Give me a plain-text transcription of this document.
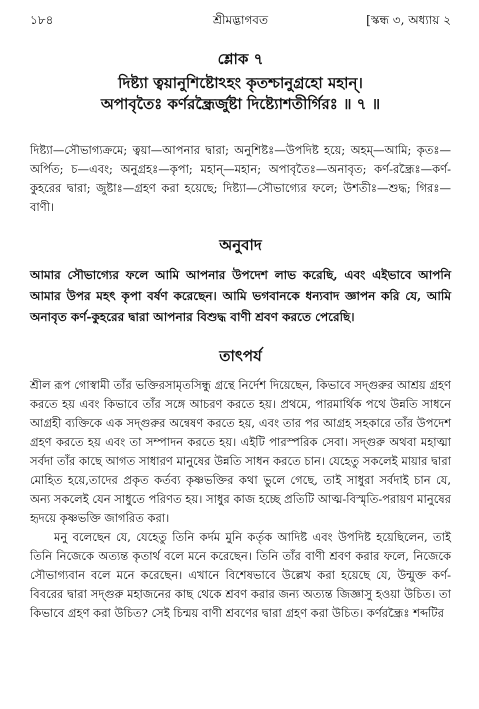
১৮৪	শ্রীমদ্ভাগবত	[স্কন্ধ ৩, অধ্যায় ২
শ্লোক ৭
দিষ্ট্যা ত্বয়ানুশিষ্টোঽহং কৃতশ্চানুগ্রহো মহান্।
অপাবৃতৈঃ কর্ণরন্ধ্রৈর্জুষ্টা দিষ্ট্যোশতীর্গিরঃ ॥ ৭ ॥
দিষ্ট্যা—সৌভাগ্যক্রমে; ত্বয়া—আপনার দ্বারা; অনুশিষ্টঃ—উপদিষ্ট হয়ে; অহম্—আমি; কৃতঃ—অর্পিত; চ—এবং; অনুগ্রহঃ—কৃপা; মহান্—মহান; অপাবৃতৈঃ—অনাবৃত; কর্ণ-রন্ধ্রৈঃ—কর্ণ-কুহরের দ্বারা; জুষ্টাঃ—গ্রহণ করা হয়েছে; দিষ্ট্যা—সৌভাগ্যের ফলে; উশতীঃ—শুদ্ধ; গিরঃ—বাণী।
অনুবাদ
আমার সৌভাগ্যের ফলে আমি আপনার উপদেশ লাভ করেছি, এবং এইভাবে আপনি আমার উপর মহৎ কৃপা বর্ষণ করেছেন। আমি ভগবানকে ধন্যবাদ জ্ঞাপন করি যে, আমি অনাবৃত কর্ণ-কুহরের দ্বারা আপনার বিশুদ্ধ বাণী শ্রবণ করতে পেরেছি।
তাৎপর্য

শ্রীল রূপ গোস্বামী তাঁর ভক্তিরসামৃতসিন্ধু গ্রন্থে নির্দেশ দিয়েছেন, কিভাবে সদ্গুরুর আশ্রয় গ্রহণ করতে হয় এবং কিভাবে তাঁর সঙ্গে আচরণ করতে হয়। প্রথমে, পারমার্থিক পথে উন্নতি সাধনে আগ্রহী ব্যক্তিকে এক সদ্গুরুর অন্বেষণ করতে হয়, এবং তার পর আগ্রহ সহকারে তাঁর উপদেশ গ্রহণ করতে হয় এবং তা সম্পাদন করতে হয়। এইটি পারস্পরিক সেবা। সদ্গুরু অথবা মহাত্মা সর্বদা তাঁর কাছে আগত সাধারণ মানুষের উন্নতি সাধন করতে চান। যেহেতু সকলেই মায়ার দ্বারা মোহিত হয়ে,তাদের প্রকৃত কর্তব্য কৃষ্ণভক্তির কথা ভুলে গেছে, তাই সাধুরা সর্বদাই চান যে, অন্য সকলেই যেন সাধুতে পরিণত হয়। সাধুর কাজ হচ্ছে প্রতিটি আত্ম-বিস্মৃতি-পরায়ণ মানুষের হৃদয়ে কৃষ্ণভক্তি জাগরিত করা।

মনু বলেছেন যে, যেহেতু তিনি কর্দম মুনি কর্তৃক আদিষ্ট এবং উপদিষ্ট হয়েছিলেন, তাই তিনি নিজেকে অত্যন্ত কৃতার্থ বলে মনে করেছেন। তিনি তাঁর বাণী শ্রবণ করার ফলে, নিজেকে সৌভাগ্যবান বলে মনে করেছেন। এখানে বিশেষভাবে উল্লেখ করা হয়েছে যে, উন্মুক্ত কর্ণ-বিবরের দ্বারা সদ্গুরু মহাজনের কাছ থেকে শ্রবণ করার জন্য অত্যন্ত জিজ্ঞাসু হওয়া উচিত। তা কিভাবে গ্রহণ করা উচিত? সেই চিন্ময় বাণী শ্রবণের দ্বারা গ্রহণ করা উচিত। কর্ণরন্ধ্রৈঃ শব্দটির
